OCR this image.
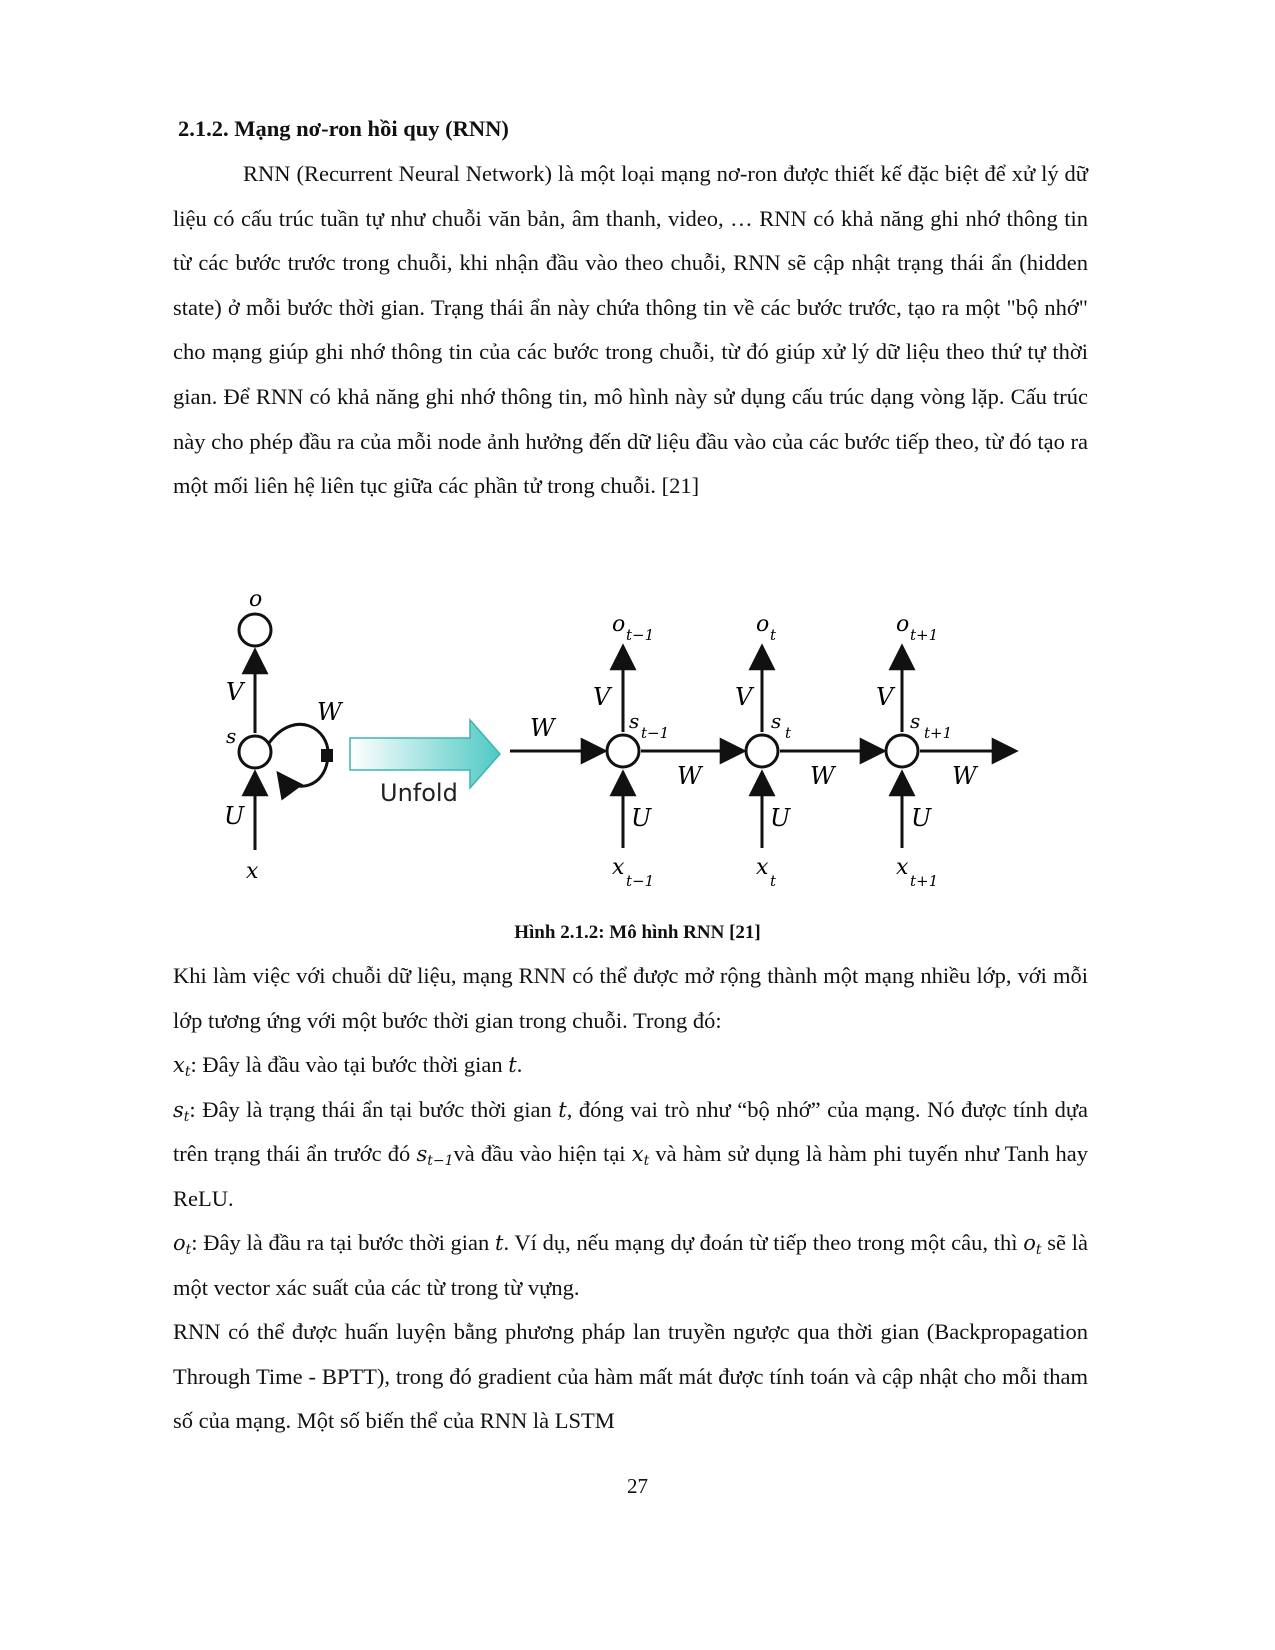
2.1.2. Mạng nơ-ron hồi quy (RNN)

RNN (Recurrent Neural Network) là một loại mạng nơ-ron được thiết kế đặc biệt để xử lý dữ liệu có cấu trúc tuần tự như chuỗi văn bản, âm thanh, video, … RNN có khả năng ghi nhớ thông tin từ các bước trước trong chuỗi, khi nhận đầu vào theo chuỗi, RNN sẽ cập nhật trạng thái ẩn (hidden state) ở mỗi bước thời gian. Trạng thái ẩn này chứa thông tin về các bước trước, tạo ra một "bộ nhớ" cho mạng giúp ghi nhớ thông tin của các bước trong chuỗi, từ đó giúp xử lý dữ liệu theo thứ tự thời gian. Để RNN có khả năng ghi nhớ thông tin, mô hình này sử dụng cấu trúc dạng vòng lặp. Cấu trúc này cho phép đầu ra của mỗi node ảnh hưởng đến dữ liệu đầu vào của các bước tiếp theo, từ đó tạo ra một mối liên hệ liên tục giữa các phần tử trong chuỗi. [21]

o
V
s
W
U
x
Unfold
W
o t−1
V
s t−1
U
x
t−1
W
o t
V
s t
U
x
t
W
o t+1
V
s t+1
U
x
t+1
W

Hình 2.1.2: Mô hình RNN [21]

Khi làm việc với chuỗi dữ liệu, mạng RNN có thể được mở rộng thành một mạng nhiều lớp, với mỗi lớp tương ứng với một bước thời gian trong chuỗi. Trong đó:

$x_t$: Đây là đầu vào tại bước thời gian t.

$s_t$: Đây là trạng thái ẩn tại bước thời gian t, đóng vai trò như “bộ nhớ” của mạng. Nó được tính dựa trên trạng thái ẩn trước đó $s_{t-1}và$ đầu vào hiện tại $x_t$ và hàm sử dụng là hàm phi tuyến như Tanh hay ReLU.

$o_t$: Đây là đầu ra tại bước thời gian t. Ví dụ, nếu mạng dự đoán từ tiếp theo trong một câu, thì $o_t$ sẽ là một vector xác suất của các từ trong từ vựng.

RNN có thể được huấn luyện bằng phương pháp lan truyền ngược qua thời gian (Backpropagation Through Time - BPTT), trong đó gradient của hàm mất mát được tính toán và cập nhật cho mỗi tham số của mạng. Một số biến thể của RNN là LSTM

27
